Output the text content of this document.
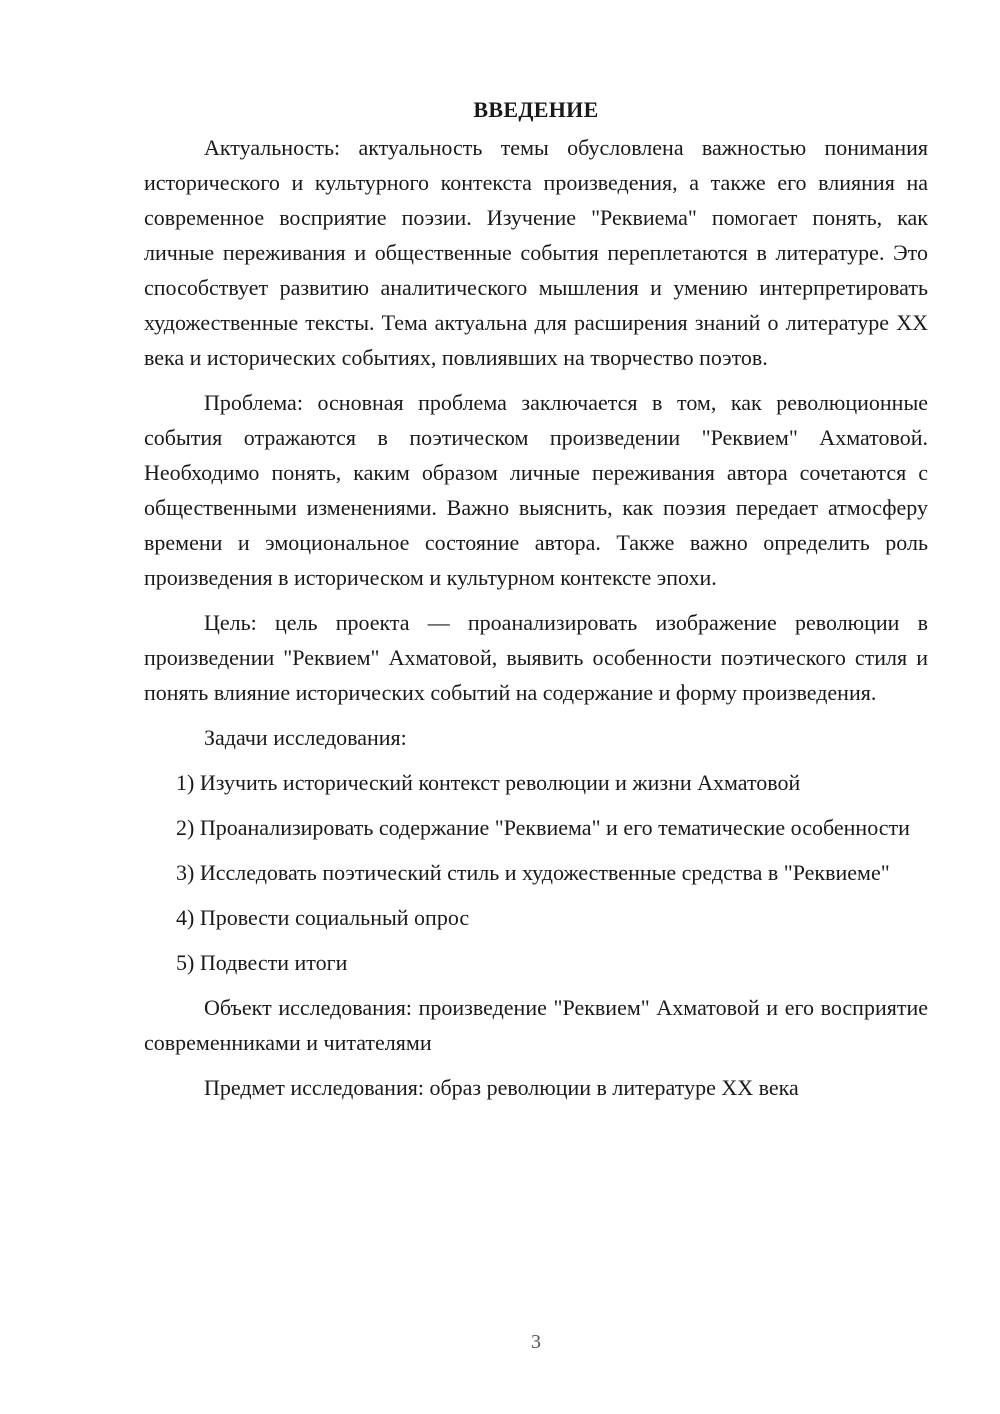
ВВЕДЕНИЕ

Актуальность: актуальность темы обусловлена важностью понимания исторического и культурного контекста произведения, а также его влияния на современное восприятие поэзии. Изучение "Реквиема" помогает понять, как личные переживания и общественные события переплетаются в литературе. Это способствует развитию аналитического мышления и умению интерпретировать художественные тексты. Тема актуальна для расширения знаний о литературе XX века и исторических событиях, повлиявших на творчество поэтов.

Проблема: основная проблема заключается в том, как революционные события отражаются в поэтическом произведении "Реквием" Ахматовой. Необходимо понять, каким образом личные переживания автора сочетаются с общественными изменениями. Важно выяснить, как поэзия передает атмосферу времени и эмоциональное состояние автора. Также важно определить роль произведения в историческом и культурном контексте эпохи.

Цель: цель проекта — проанализировать изображение революции в произведении "Реквием" Ахматовой, выявить особенности поэтического стиля и понять влияние исторических событий на содержание и форму произведения.

Задачи исследования:

1) Изучить исторический контекст революции и жизни Ахматовой

2) Проанализировать содержание "Реквиема" и его тематические особенности

3) Исследовать поэтический стиль и художественные средства в "Реквиеме"

4) Провести социальный опрос

5) Подвести итоги

Объект исследования: произведение "Реквием" Ахматовой и его восприятие современниками и читателями

Предмет исследования: образ революции в литературе XX века

3
